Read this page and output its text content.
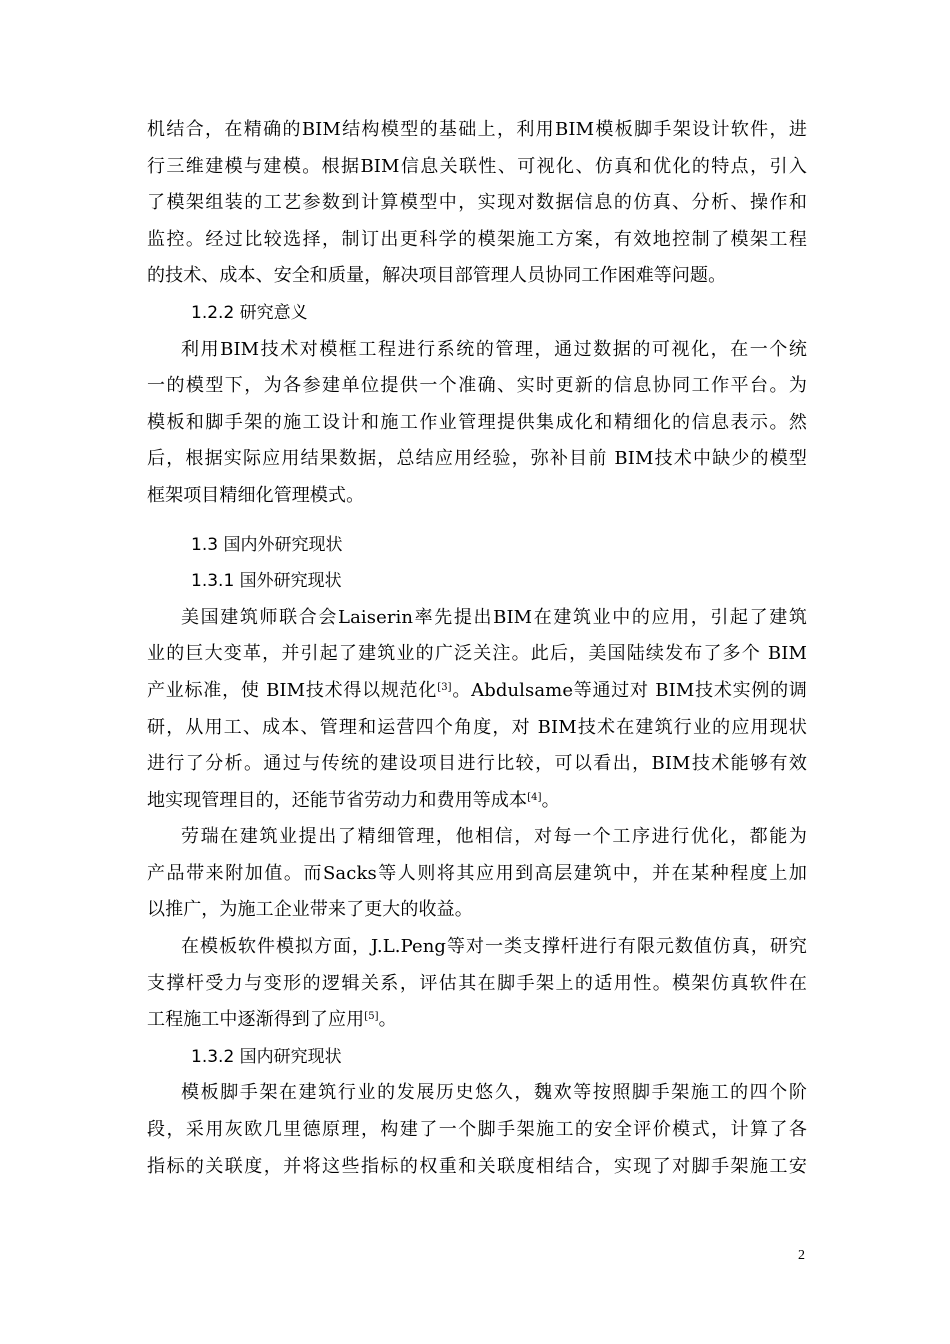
机结合，在精确的BIM结构模型的基础上，利用BIM模板脚手架设计软件，进
行三维建模与建模。根据BIM信息关联性、可视化、仿真和优化的特点，引入
了模架组装的工艺参数到计算模型中，实现对数据信息的仿真、分析、操作和
监控。经过比较选择，制订出更科学的模架施工方案，有效地控制了模架工程
的技术、成本、安全和质量，解决项目部管理人员协同工作困难等问题。

1.2.2 研究意义

利用BIM技术对模框工程进行系统的管理，通过数据的可视化，在一个统
一的模型下，为各参建单位提供一个准确、实时更新的信息协同工作平台。为
模板和脚手架的施工设计和施工作业管理提供集成化和精细化的信息表示。然
后，根据实际应用结果数据，总结应用经验，弥补目前 BIM技术中缺少的模型
框架项目精细化管理模式。

1.3 国内外研究现状

1.3.1 国外研究现状

美国建筑师联合会Laiserin率先提出BIM在建筑业中的应用，引起了建筑
业的巨大变革，并引起了建筑业的广泛关注。此后，美国陆续发布了多个 BIM
产业标准，使 BIM技术得以规范化[3]。Abdulsame等通过对 BIM技术实例的调
研，从用工、成本、管理和运营四个角度，对 BIM技术在建筑行业的应用现状
进行了分析。通过与传统的建设项目进行比较，可以看出，BIM技术能够有效
地实现管理目的，还能节省劳动力和费用等成本[4]。

劳瑞在建筑业提出了精细管理，他相信，对每一个工序进行优化，都能为
产品带来附加值。而Sacks等人则将其应用到高层建筑中，并在某种程度上加
以推广，为施工企业带来了更大的收益。

在模板软件模拟方面，J.L.Peng等对一类支撑杆进行有限元数值仿真，研究
支撑杆受力与变形的逻辑关系，评估其在脚手架上的适用性。模架仿真软件在
工程施工中逐渐得到了应用[5]。

1.3.2 国内研究现状

模板脚手架在建筑行业的发展历史悠久，魏欢等按照脚手架施工的四个阶
段，采用灰欧几里德原理，构建了一个脚手架施工的安全评价模式，计算了各
指标的关联度，并将这些指标的权重和关联度相结合，实现了对脚手架施工安

2
